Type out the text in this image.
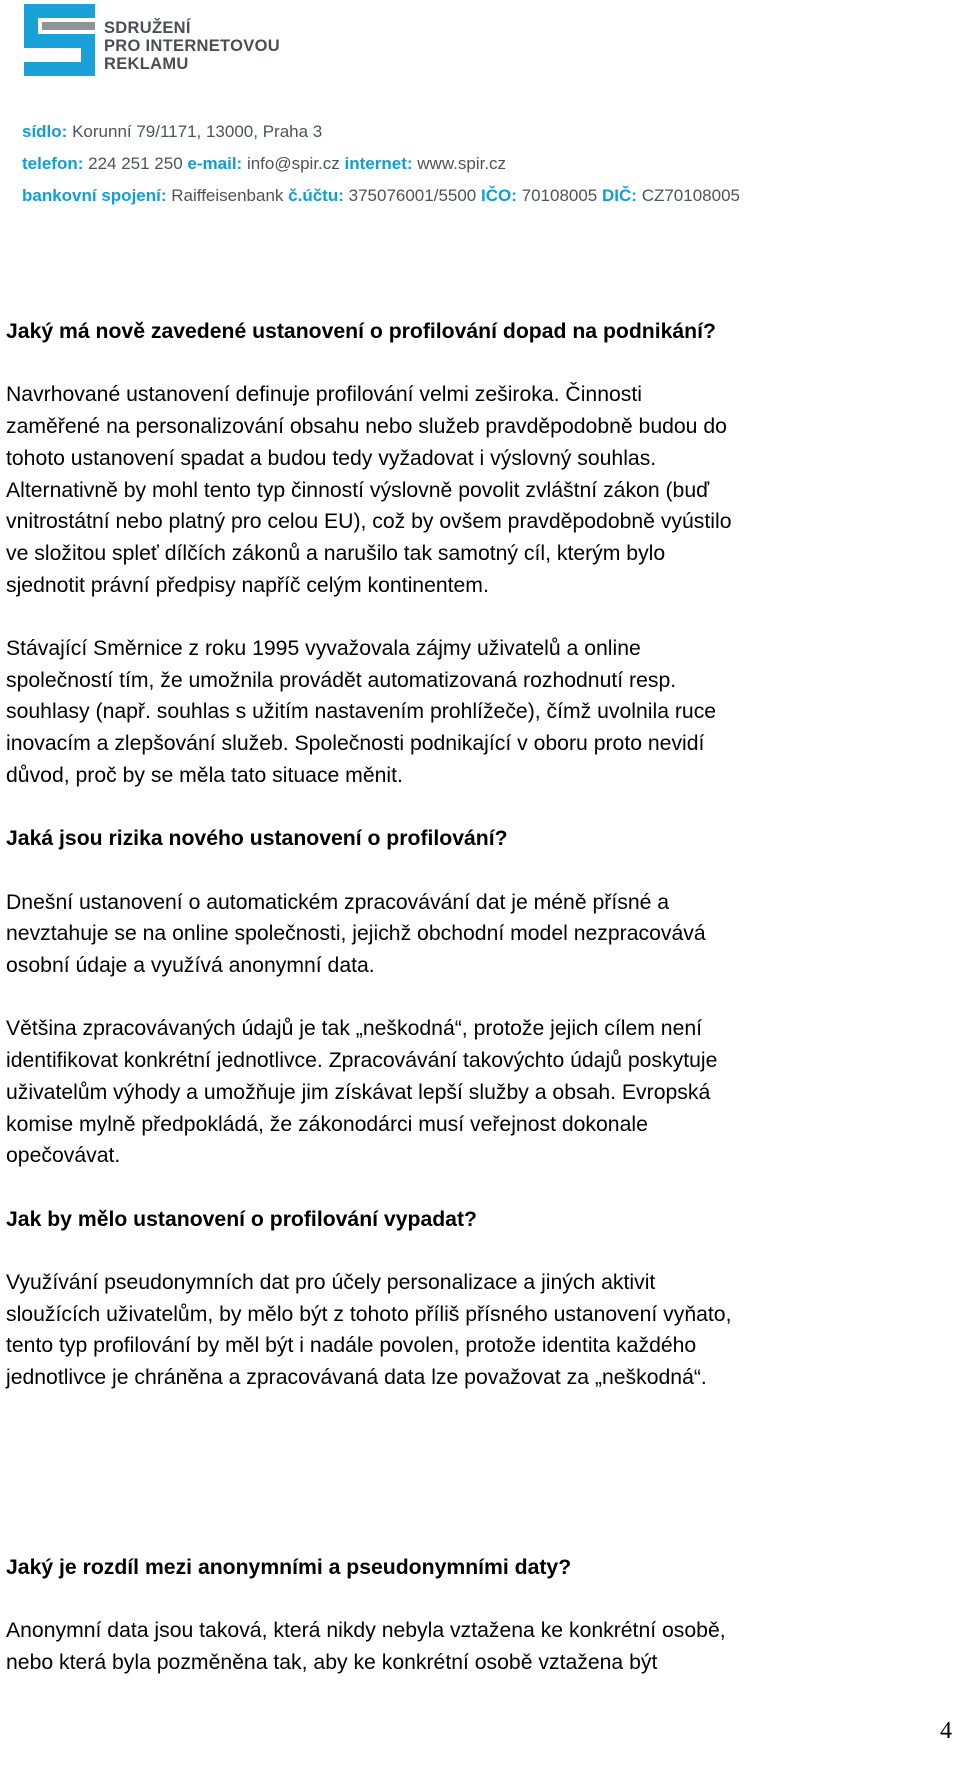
SDRUŽENÍ
PRO INTERNETOVOU
REKLAMU
sídlo: Korunní 79/1171, 13000, Praha 3
telefon: 224 251 250 e-mail: info@spir.cz internet: www.spir.cz
bankovní spojení: Raiffeisenbank č.účtu: 375076001/5500 IČO: 70108005 DIČ: CZ70108005
Jaký má nově zavedené ustanovení o profilování dopad na podnikání?

Navrhované ustanovení definuje profilování velmi zeširoka. Činnosti
zaměřené na personalizování obsahu nebo služeb pravděpodobně budou do
tohoto ustanovení spadat a budou tedy vyžadovat i výslovný souhlas.
Alternativně by mohl tento typ činností výslovně povolit zvláštní zákon (buď
vnitrostátní nebo platný pro celou EU), což by ovšem pravděpodobně vyústilo
ve složitou spleť dílčích zákonů a narušilo tak samotný cíl, kterým bylo
sjednotit právní předpisy napříč celým kontinentem.

Stávající Směrnice z roku 1995 vyvažovala zájmy uživatelů a online
společností tím, že umožnila provádět automatizovaná rozhodnutí resp.
souhlasy (např. souhlas s užitím nastavením prohlížeče), čímž uvolnila ruce
inovacím a zlepšování služeb. Společnosti podnikající v oboru proto nevidí
důvod, proč by se měla tato situace měnit.

Jaká jsou rizika nového ustanovení o profilování?

Dnešní ustanovení o automatickém zpracovávání dat je méně přísné a
nevztahuje se na online společnosti, jejichž obchodní model nezpracovává
osobní údaje a využívá anonymní data.

Většina zpracovávaných údajů je tak „neškodná“, protože jejich cílem není
identifikovat konkrétní jednotlivce. Zpracovávání takovýchto údajů poskytuje
uživatelům výhody a umožňuje jim získávat lepší služby a obsah. Evropská
komise mylně předpokládá, že zákonodárci musí veřejnost dokonale
opečovávat.

Jak by mělo ustanovení o profilování vypadat?

Využívání pseudonymních dat pro účely personalizace a jiných aktivit
sloužících uživatelům, by mělo být z tohoto příliš přísného ustanovení vyňato,
tento typ profilování by měl být i nadále povolen, protože identita každého
jednotlivce je chráněna a zpracovávaná data lze považovat za „neškodná“.

Jaký je rozdíl mezi anonymními a pseudonymními daty?

Anonymní data jsou taková, která nikdy nebyla vztažena ke konkrétní osobě,
nebo která byla pozměněna tak, aby ke konkrétní osobě vztažena být

4
